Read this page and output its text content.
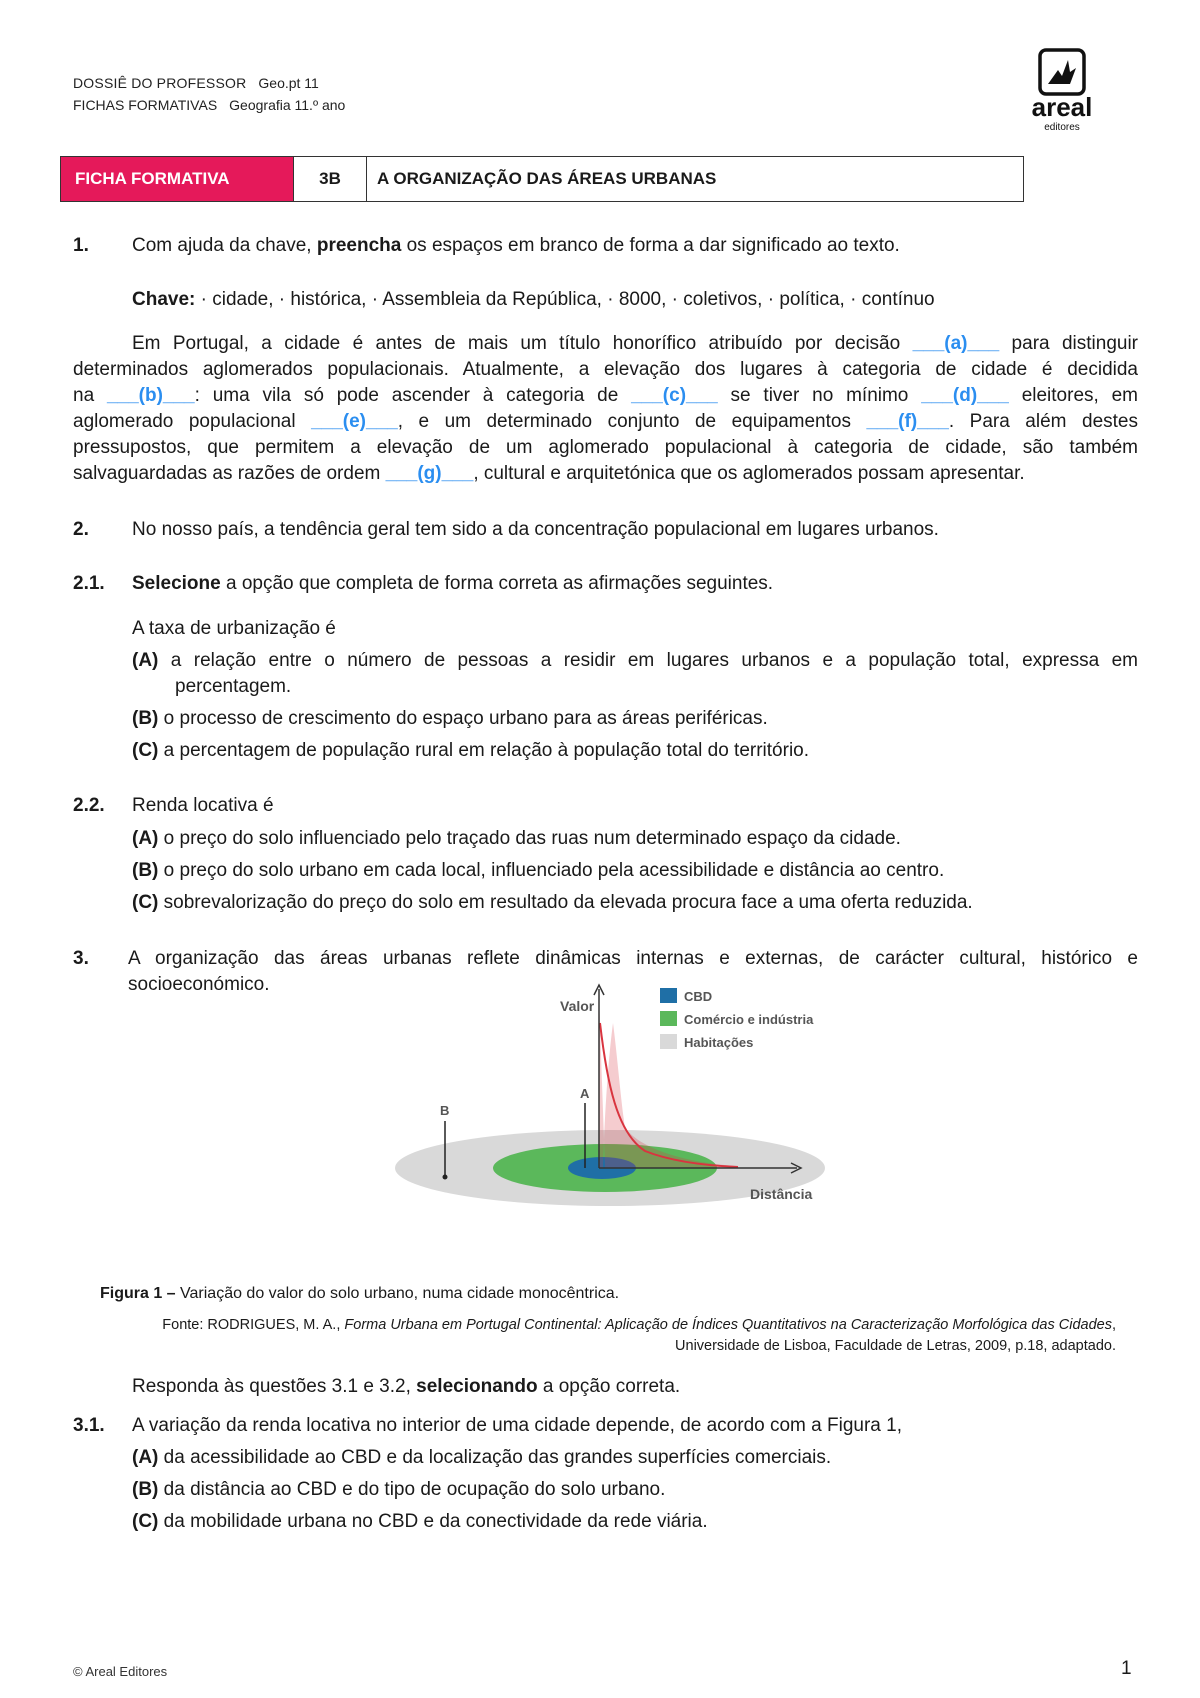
DOSSIÊ DO PROFESSOR Geo.pt 11
FICHAS FORMATIVAS Geografia 11.º ano	areal
editores
FICHA FORMATIVA	3B	A ORGANIZAÇÃO DAS ÁREAS URBANAS
1. Com ajuda da chave, preencha os espaços em branco de forma a dar significado ao texto.
Chave: · cidade, · histórica, · Assembleia da República, · 8000, · coletivos, · política, · contínuo
Em Portugal, a cidade é antes de mais um título honorífico atribuído por decisão ___(a)___ para distinguir
determinados aglomerados populacionais. Atualmente, a elevação dos lugares à categoria de cidade é decidida
na ___(b)___: uma vila só pode ascender à categoria de ___(c)___ se tiver no mínimo ___(d)___ eleitores, em
aglomerado populacional ___(e)___, e um determinado conjunto de equipamentos ___(f)___. Para além destes
pressupostos, que permitem a elevação de um aglomerado populacional à categoria de cidade, são também
salvaguardadas as razões de ordem ___(g)___, cultural e arquitetónica que os aglomerados possam apresentar.
2. No nosso país, a tendência geral tem sido a da concentração populacional em lugares urbanos.
2.1. Selecione a opção que completa de forma correta as afirmações seguintes.
A taxa de urbanização é
(A) a relação entre o número de pessoas a residir em lugares urbanos e a população total, expressa em
percentagem.
(B) o processo de crescimento do espaço urbano para as áreas periféricas.
(C) a percentagem de população rural em relação à população total do território.
2.2. Renda locativa é
(A) o preço do solo influenciado pelo traçado das ruas num determinado espaço da cidade.
(B) o preço do solo urbano em cada local, influenciado pela acessibilidade e distância ao centro.
(C) sobrevalorização do preço do solo em resultado da elevada procura face a uma oferta reduzida.
3. A organização das áreas urbanas reflete dinâmicas internas e externas, de carácter cultural, histórico e
socioeconómico.
A
B
Valor
Distância
CBD
Comércio e indústria
Habitações
Figura 1 – Variação do valor do solo urbano, numa cidade monocêntrica.
Fonte: RODRIGUES, M. A., Forma Urbana em Portugal Continental: Aplicação de Índices Quantitativos na Caracterização Morfológica das Cidades, Universidade de Lisboa, Faculdade de Letras, 2009, p.18, adaptado.
Responda às questões 3.1 e 3.2, selecionando a opção correta.
3.1. A variação da renda locativa no interior de uma cidade depende, de acordo com a Figura 1,
(A) da acessibilidade ao CBD e da localização das grandes superfícies comerciais.
(B) da distância ao CBD e do tipo de ocupação do solo urbano.
(C) da mobilidade urbana no CBD e da conectividade da rede viária.
© Areal Editores	1
